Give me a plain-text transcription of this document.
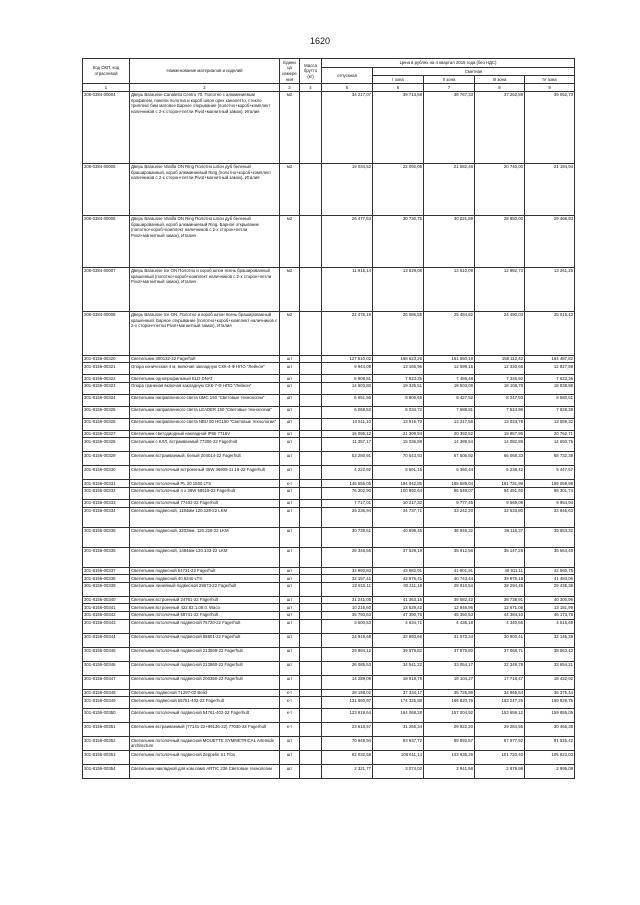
1620
Код ОКП, код отраслевой	Наименование материалов и изделий	Едини ца измере ния	Масса брутто (кг)	Цена в рублях на 4 квартал 2015 года (без НДС)				
				отпускная	Сметная			
					I зона	II зона	III зона	IV зона
1	2	3	4	5	6	7	8	9
206-0384-00004	Дверь Barausse Canaletto Centro 70. Полотно с алюминиевым профилем, панели полотна и короб шпон орех каналетто, стекло триплекс бим матовое Барное открывание (полотно+короб+комплект наличников с 2-х сторон+петли Pivot+магнитный замок), Италия	м2		34 217,07	39 713,58	38 767,33	37 262,89	39 052,73
206-0384-00005	Дверь Barausse Vanilla ON Ring Полотно шпон дуб беленый брашированный, короб алюминиевый Ring (полотно+короб+комплект наличников с 2-х сторон+петли Pivot+магнитный замок), Италия	м2		19 034,52	22 092,05	21 582,46	20 740,00	21 184,94
206-0384-00006	Дверь Barausse Vanilla ON Ring Полотно шпон дуб беленый брашированный, короб алюминиевый Ring. Барное открывание (полотно+короб+комплект наличников с 2-х сторон+петли Pivot+магнитный замок), Италия	м2		26 477,63	30 730,75	30 021,89	28 850,00	29 468,93
206-0384-00007	Дверь Barausse Ice ON Полотно и короб шпон ясень брашированный крашенный (полотно+короб+комплект наличников с 2-х сторон+петли Pivot+магнитный замок), Италия	м2		11 915,14	13 829,08	13 510,09	12 982,73	13 261,25
206-0384-00008	Дверь Barausse Ice ON. Полотно и короб шпон ясень брашированный крашенный. Барное открывание (полотно+короб+комплект наличников с 2-х сторон+петли Pivot+магнитный замок), Италия	м2		22 476,19	26 086,55	25 484,82	24 490,03	25 015,42
301-8156-00320	Светильник 300132-22 Fagerhult	шт		127 510,02	168 623,26	161 550,19	158 112,42	164 487,82
301-8156-00321	Опора коническая 4 м, включая закладную СКК-4-Ф НПО "Лейнон"	шт		9 944,09	13 165,96	12 599,15	12 330,66	12 827,88
301-8156-00322	Светильник однопрофильный ELD DNAT	шт		5 908,81	7 823,25	7 486,48	7 326,92	7 622,36
301-8156-00323	Опора граненая включая закладную СКК-7-Ф НПО "Лейнон"	шт		14 603,80	19 335,51	18 503,08	18 108,78	18 838,98
301-8156-00324	Светильник направленного света UMC 150 "Световые технологии"	шт		6 651,56	8 806,65	8 427,52	8 247,93	8 580,51
301-8156-00325	Светильник направленного света LEADER 150 "Световые технологии"	шт		6 068,52	8 034,72	7 688,81	7 524,96	7 828,39
301-8156-00326	Светильник направленного света NBU 50 HG150 "Световые технологии"	шт		10 511,10	13 916,70	13 317,56	13 033,78	13 559,32
301-8156-00327	Светильник светодиодный накладной IP65 7716V	шт		16 095,12	21 309,94	20 392,52	19 957,95	20 762,71
301-8156-00328	Светильник с КЛЛ, встраиваемый 77306-22 Fagerhult	шт		11 357,17	15 036,89	14 389,54	14 082,89	14 650,75
301-8156-00329	Светильник встраиваемый, белый 204014-22 Fagerhult	шт		53 280,91	70 543,93	67 506,92	66 068,33	68 732,38
301-8156-00330	Светильник потолочный встроенный 35W 36908-11 16-22 Fagerhult	шт		4 222,92	5 591,15	5 350,44	5 236,42	5 447,57
301-8156-00331	Светильник потолочный PL 20 1500 LTS	к-т		146 556,05	194 042,85	185 689,04	181 731,98	189 059,98
301-8156-00332	Светильник потолочный 4 x 36W 58519-22 Fagerhult	шт		76 202,90	100 892,64	96 549,07	94 491,60	98 301,74
301-8156-00333	Светильник потолочный 77402-22 Fagerhult	шт		7 717,01	10 217,32	9 777,45	9 569,09	9 954,94
301-8156-00334	Светильник подвесной, 1184мм 120.128-22 LKM	шт		26 236,94	34 737,71	33 242,20	32 533,80	33 845,63
301-8156-00335	Светильник подвесной, 2202мм, 120.228-22 LKM	шт		30 739,61	40 699,45	38 946,32	38 116,37	39 653,32
301-8156-00336	Светильник подвесной, 1484мм 120.133-22 LKM	шт		28 346,56	37 528,19	35 912,56	35 147,25	36 564,48
301-8156-00337	Светильник подвесной 54731-22 Fagerhult	шт		32 992,83	43 682,91	41 801,91	40 911,11	42 560,75
301-8156-00338	Светильник подвесной 40.6240 LTS	шт		32 157,41	42 576,41	40 743,44	39 875,19	41 483,06
301-8156-00339	Светильник линейный подвесной 28673-22 Fagerhult	шт		22 815,11	30 211,18	28 910,54	28 294,45	29 435,36
301-8156-00340	Светильник встроенный 24761-22 Fagerhult	шт		31 241,05	41 363,16	39 582,42	38 738,91	40 300,96
301-8156-00341	Светильник встроенный 422.82.1.08.0. Waco	шт		10 216,60	13 529,42	12 946,96	12 671,08	13 181,99
301-8156-00342	Светильник потолочный 58741-22 Fagerhult	шт		35 793,63	47 390,76	45 350,53	44 384,10	46 173,78
301-8156-00343	Светильник потолочный подвесной 76720-22 Fagerhult	шт		3 500,53	4 634,71	4 435,18	4 340,66	4 515,69
301-8156-00344	Светильник потолочный подвесной 58801-22 Fagerhult	шт		24 919,68	32 993,66	31 573,24	30 900,41	32 146,39
301-8156-00345	Светильник потолочный подвесной 213569-22 Fagerhult	шт		29 894,12	39 579,82	37 875,80	37 068,71	38 563,42
301-8156-00346	Светильник потолочный подвесной 213560-22 Fagerhult	шт		26 085,53	34 541,22	33 054,17	32 349,78	33 654,21
301-8156-00347	Светильник потолочный подвесной 200350-22 Fagerhult	шт		14 289,09	18 918,75	18 104,27	17 718,47	18 432,92
301-8156-00348	Светильник подвесной T1297-02 Belid	к-т		28 198,02	37 334,17	35 726,89	34 965,54	36 375,44
301-8156-00349	Светильник подвесной 55751-402-22 Fagerhult	к-т		131 660,97	174 325,88	166 820,76	163 247,25	169 829,75
301-8156-00350	Светильник потолочный подвесной 54761-402-22 Fagerhult	к-т		123 919,64	164 068,28	157 004,92	153 659,12	159 855,05
301-8156-00351	Светильник встраиваемый (77141-22+99136-22) 77030-22 Fagerhult	к-т		23 618,57	31 266,34	29 922,20	29 284,55	30 465,38
301-8156-00352	Светильник потолочный подвесной MOUETTE SYMMETRICAL Artemide architecture	шт		70 949,94	93 937,72	89 893,57	87 977,92	91 525,42
301-8156-00353	Светильник потолочный подвесной Zeppelin S1 Flos	шт		82 032,58	108 611,14	103 935,28	101 720,40	105 822,03
301-8156-00354	Светильник накладной для ком.ламп ARTIC 236 Световые технологии	шт		2 321,77	3 074,02	2 941,68	2 878,99	2 995,08
